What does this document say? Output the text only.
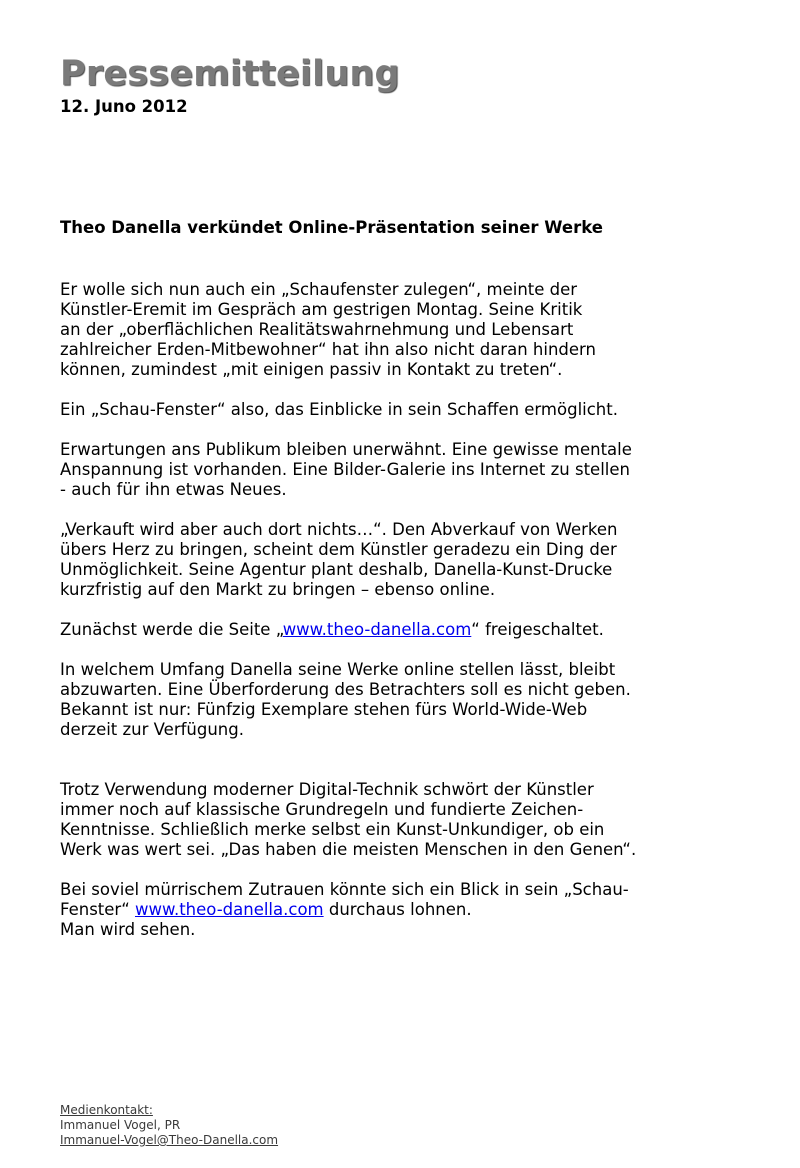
Pressemitteilung
12. Juno 2012
Theo Danella verkündet Online-Präsentation seiner Werke

Er wolle sich nun auch ein „Schaufenster zulegen“, meinte der
Künstler-Eremit im Gespräch am gestrigen Montag. Seine Kritik
an der „oberflächlichen Realitätswahrnehmung und Lebensart
zahlreicher Erden-Mitbewohner“ hat ihn also nicht daran hindern
können, zumindest „mit einigen passiv in Kontakt zu treten“.

Ein „Schau-Fenster“ also, das Einblicke in sein Schaffen ermöglicht.

Erwartungen ans Publikum bleiben unerwähnt. Eine gewisse mentale
Anspannung ist vorhanden. Eine Bilder-Galerie ins Internet zu stellen
- auch für ihn etwas Neues.

„Verkauft wird aber auch dort nichts…“. Den Abverkauf von Werken
übers Herz zu bringen, scheint dem Künstler geradezu ein Ding der
Unmöglichkeit. Seine Agentur plant deshalb, Danella-Kunst-Drucke
kurzfristig auf den Markt zu bringen – ebenso online.

Zunächst werde die Seite „www.theo-danella.com“ freigeschaltet.

In welchem Umfang Danella seine Werke online stellen lässt, bleibt
abzuwarten. Eine Überforderung des Betrachters soll es nicht geben.
Bekannt ist nur: Fünfzig Exemplare stehen fürs World-Wide-Web
derzeit zur Verfügung.

Trotz Verwendung moderner Digital-Technik schwört der Künstler
immer noch auf klassische Grundregeln und fundierte Zeichen-
Kenntnisse. Schließlich merke selbst ein Kunst-Unkundiger, ob ein
Werk was wert sei. „Das haben die meisten Menschen in den Genen“.

Bei soviel mürrischem Zutrauen könnte sich ein Blick in sein „Schau-
Fenster“ www.theo-danella.com durchaus lohnen.
Man wird sehen.

Medienkontakt:
Immanuel Vogel, PR
Immanuel-Vogel@Theo-Danella.com
